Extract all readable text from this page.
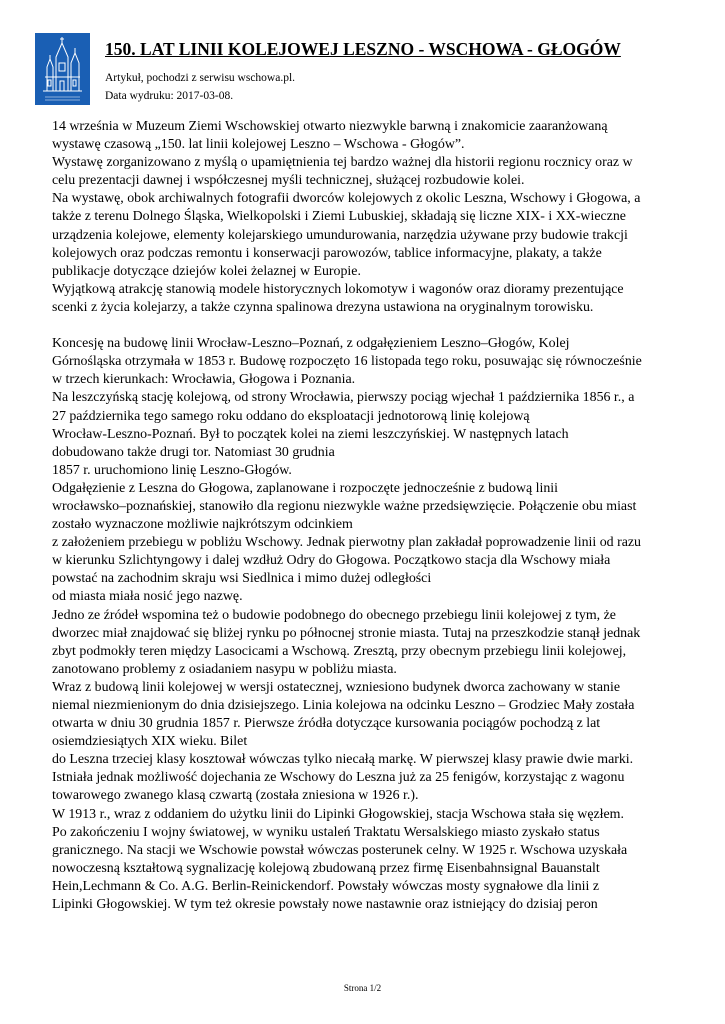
150. LAT LINII KOLEJOWEJ LESZNO - WSCHOWA - GŁOGÓW
Artykuł, pochodzi z serwisu wschowa.pl.
Data wydruku: 2017-03-08.
14 września w Muzeum Ziemi Wschowskiej otwarto niezwykle barwną i znakomicie zaaranżowaną
wystawę czasową „150. lat linii kolejowej Leszno – Wschowa - Głogów”.
Wystawę zorganizowano z myślą o upamiętnienia tej bardzo ważnej dla historii regionu rocznicy oraz w
celu prezentacji dawnej i współczesnej myśli technicznej, służącej rozbudowie kolei.
Na wystawę, obok archiwalnych fotografii dworców kolejowych z okolic Leszna, Wschowy i Głogowa, a
także z terenu Dolnego Śląska, Wielkopolski i Ziemi Lubuskiej, składają się liczne XIX- i XX-wieczne
urządzenia kolejowe, elementy kolejarskiego umundurowania, narzędzia używane przy budowie trakcji
kolejowych oraz podczas remontu i konserwacji parowozów, tablice informacyjne, plakaty, a także
publikacje dotyczące dziejów kolei żelaznej w Europie.
Wyjątkową atrakcję stanowią modele historycznych lokomotyw i wagonów oraz dioramy prezentujące
scenki z życia kolejarzy, a także czynna spalinowa drezyna ustawiona na oryginalnym torowisku.
Koncesję na budowę linii Wrocław-Leszno–Poznań, z odgałęzieniem Leszno–Głogów, Kolej
Górnośląska otrzymała w 1853 r. Budowę rozpoczęto 16 listopada tego roku, posuwając się równocześnie
w trzech kierunkach: Wrocławia, Głogowa i Poznania.
Na leszczyńską stację kolejową, od strony Wrocławia, pierwszy pociąg wjechał 1 października 1856 r., a
27 października tego samego roku oddano do eksploatacji jednotorową linię kolejową
Wrocław-Leszno-Poznań. Był to początek kolei na ziemi leszczyńskiej. W następnych latach
dobudowano także drugi tor. Natomiast 30 grudnia
1857 r. uruchomiono linię Leszno-Głogów.
Odgałęzienie z Leszna do Głogowa, zaplanowane i rozpoczęte jednocześnie z budową linii
wrocławsko–poznańskiej, stanowiło dla regionu niezwykle ważne przedsięwzięcie. Połączenie obu miast
zostało wyznaczone możliwie najkrótszym odcinkiem
z założeniem przebiegu w pobliżu Wschowy. Jednak pierwotny plan zakładał poprowadzenie linii od razu
w kierunku Szlichtyngowy i dalej wzdłuż Odry do Głogowa. Początkowo stacja dla Wschowy miała
powstać na zachodnim skraju wsi Siedlnica i mimo dużej odległości
od miasta miała nosić jego nazwę.
Jedno ze źródeł wspomina też o budowie podobnego do obecnego przebiegu linii kolejowej z tym, że
dworzec miał znajdować się bliżej rynku po północnej stronie miasta. Tutaj na przeszkodzie stanął jednak
zbyt podmokły teren między Lasocicami a Wschową. Zresztą, przy obecnym przebiegu linii kolejowej,
zanotowano problemy z osiadaniem nasypu w pobliżu miasta.
Wraz z budową linii kolejowej w wersji ostatecznej, wzniesiono budynek dworca zachowany w stanie
niemal niezmienionym do dnia dzisiejszego. Linia kolejowa na odcinku Leszno – Grodziec Mały została
otwarta w dniu 30 grudnia 1857 r. Pierwsze źródła dotyczące kursowania pociągów pochodzą z lat
osiemdziesiątych XIX wieku. Bilet
do Leszna trzeciej klasy kosztował wówczas tylko niecałą markę. W pierwszej klasy prawie dwie marki.
Istniała jednak możliwość dojechania ze Wschowy do Leszna już za 25 fenigów, korzystając z wagonu
towarowego zwanego klasą czwartą (została zniesiona w 1926 r.).
W 1913 r., wraz z oddaniem do użytku linii do Lipinki Głogowskiej, stacja Wschowa stała się węzłem.
Po zakończeniu I wojny światowej, w wyniku ustaleń Traktatu Wersalskiego miasto zyskało status
granicznego. Na stacji we Wschowie powstał wówczas posterunek celny. W 1925 r. Wschowa uzyskała
nowoczesną kształtową sygnalizację kolejową zbudowaną przez firmę Eisenbahnsignal Bauanstalt
Hein,Lechmann & Co. A.G. Berlin-Reinickendorf. Powstały wówczas mosty sygnałowe dla linii z
Lipinki Głogowskiej. W tym też okresie powstały nowe nastawnie oraz istniejący do dzisiaj peron
Strona 1/2
